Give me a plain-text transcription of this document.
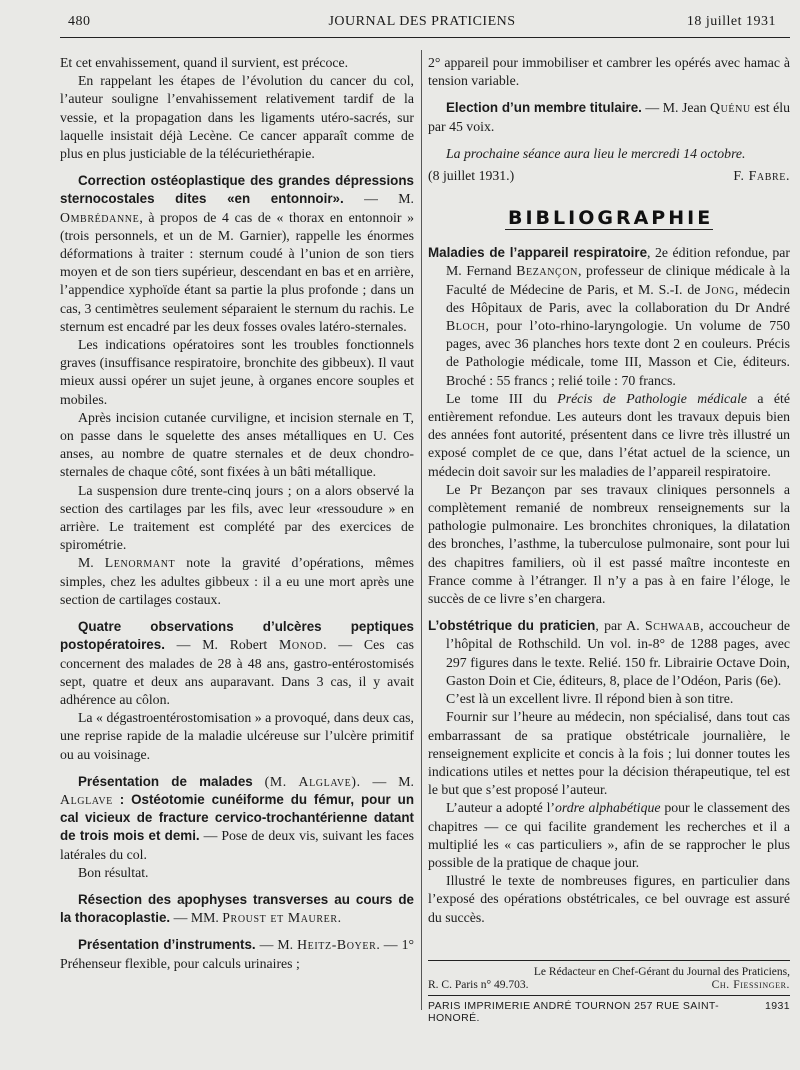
480	JOURNAL DES PRATICIENS	18 juillet 1931

Et cet envahissement, quand il survient, est précoce.

En rappelant les étapes de l’évolution du cancer du col, l’auteur souligne l’envahissement relativement tardif de la vessie, et la propagation dans les ligaments utéro-sacrés, sur laquelle insistait déjà Lecène. Ce cancer apparaît comme de plus en plus justiciable de la télécuriethérapie.

Correction ostéoplastique des grandes dépressions sternocostales dites «en entonnoir». — M. Ombrédanne, à propos de 4 cas de « thorax en entonnoir » (trois personnels, et un de M. Garnier), rappelle les énormes déformations à traiter : sternum coudé à l’union de son tiers moyen et de son tiers supérieur, descendant en bas et en arrière, l’appendice xyphoïde étant sa partie la plus profonde ; dans un cas, 3 centimètres seulement séparaient le sternum du rachis. Le sternum est encadré par les deux fosses ovales latéro-sternales.

Les indications opératoires sont les troubles fonctionnels graves (insuffisance respiratoire, bronchite des gibbeux). Il vaut mieux aussi opérer un sujet jeune, à organes encore souples et mobiles.

Après incision cutanée curviligne, et incision sternale en T, on passe dans le squelette des anses métalliques en U. Ces anses, au nombre de quatre sternales et de deux chondro-sternales de chaque côté, sont fixées à un bâti métallique.

La suspension dure trente-cinq jours ; on a alors observé la section des cartilages par les fils, avec leur «ressoudure » en arrière. Le traitement est complété par des exercices de spirométrie.

M. Lenormant note la gravité d’opérations, mêmes simples, chez les adultes gibbeux : il a eu une mort après une section de cartilages costaux.

Quatre observations d’ulcères peptiques postopératoires. — M. Robert Monod. — Ces cas concernent des malades de 28 à 48 ans, gastro-entérostomisés sept, quatre et deux ans auparavant. Dans 3 cas, il y avait adhérence au côlon.

La « dégastroentérostomisation » a provoqué, dans deux cas, une reprise rapide de la maladie ulcéreuse sur l’ulcère primitif ou au voisinage.

Présentation de malades (M. Alglave). — M. Alglave : Ostéotomie cunéiforme du fémur, pour un cal vicieux de fracture cervico-trochantérienne datant de trois mois et demi. — Pose de deux vis, suivant les faces latérales du col.

Bon résultat.

Résection des apophyses transverses au cours de la thoracoplastie. — MM. Proust et Maurer.

Présentation d’instruments. — M. Heitz-Boyer. — 1° Préhenseur flexible, pour calculs urinaires ;

2° appareil pour immobiliser et cambrer les opérés avec hamac à tension variable.

Election d’un membre titulaire. — M. Jean Quénu est élu par 45 voix.

La prochaine séance aura lieu le mercredi 14 octobre.

(8 juillet 1931.)	F. Fabre.
BIBLIOGRAPHIE

Maladies de l’appareil respiratoire, 2e édition refondue, par M. Fernand Bezançon, professeur de clinique médicale à la Faculté de Médecine de Paris, et M. S.-I. de Jong, médecin des Hôpitaux de Paris, avec la collaboration du Dr André Bloch, pour l’oto-rhino-laryngologie. Un volume de 750 pages, avec 36 planches hors texte dont 2 en couleurs. Précis de Pathologie médicale, tome III, Masson et Cie, éditeurs. Broché : 55 francs ; relié toile : 70 francs.

Le tome III du Précis de Pathologie médicale a été entièrement refondue. Les auteurs dont les travaux depuis bien des années font autorité, présentent dans ce livre très illustré un exposé complet de ce que, dans l’état actuel de la science, un médecin doit savoir sur les maladies de l’appareil respiratoire.

Le Pr Bezançon par ses travaux cliniques personnels a complètement remanié de nombreux renseignements sur la pathologie pulmonaire. Les bronchites chroniques, la dilatation des bronches, l’asthme, la tuberculose pulmonaire, sont pour lui des chapitres familiers, où il est passé maître inconteste en France comme à l’étranger. Il n’y a pas à en faire l’éloge, le succès de ce livre s’en chargera.

L’obstétrique du praticien, par A. Schwaab, accoucheur de l’hôpital de Rothschild. Un vol. in-8° de 1288 pages, avec 297 figures dans le texte. Relié. 150 fr. Librairie Octave Doin, Gaston Doin et Cie, éditeurs, 8, place de l’Odéon, Paris (6e).

C’est là un excellent livre. Il répond bien à son titre.

Fournir sur l’heure au médecin, non spécialisé, dans tout cas embarrassant de sa pratique obstétricale journalière, le renseignement explicite et concis à la fois ; lui donner toutes les indications utiles et nettes pour la décision thérapeutique, tel est le but que s’est proposé l’auteur.

L’auteur a adopté l’ordre alphabétique pour le classement des chapitres — ce qui facilite grandement les recherches et il a multiplié les « cas particuliers », afin de se rapprocher le plus possible de la pratique de chaque jour.

Illustré le texte de nombreuses figures, en particulier dans l’exposé des opérations obstétricales, ce bel ouvrage est assuré du succès.

Le Rédacteur en Chef-Gérant du Journal des Praticiens,
R. C. Paris n° 49.703.	Ch. Fiessinger.
PARIS IMPRIMERIE ANDRÉ TOURNON 257 RUE SAINT-HONORÉ.
1931
